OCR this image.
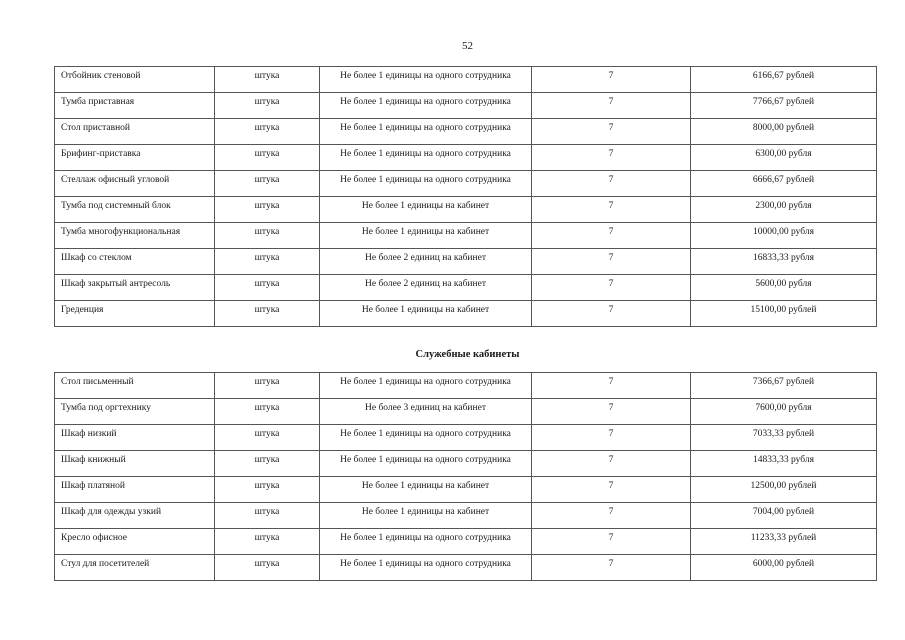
52
Отбойник стеновой	штука	Не более 1 единицы на одного сотрудника	7	6166,67 рублей
Тумба приставная	штука	Не более 1 единицы на одного сотрудника	7	7766,67 рублей
Стол приставной	штука	Не более 1 единицы на одного сотрудника	7	8000,00 рублей
Брифинг-приставка	штука	Не более 1 единицы на одного сотрудника	7	6300,00 рубля
Стеллаж офисный угловой	штука	Не более 1 единицы на одного сотрудника	7	6666,67 рублей
Тумба под системный блок	штука	Не более 1 единицы на кабинет	7	2300,00 рубля
Тумба многофункциональная	штука	Не более 1 единицы на кабинет	7	10000,00 рубля
Шкаф со стеклом	штука	Не более 2 единиц на кабинет	7	16833,33 рубля
Шкаф закрытый антресоль	штука	Не более 2 единиц на кабинет	7	5600,00 рубля
Греденция	штука	Не более 1 единицы на кабинет	7	15100,00 рублей
Служебные кабинеты
Стол письменный	штука	Не более 1 единицы на одного сотрудника	7	7366,67 рублей
Тумба под оргтехнику	штука	Не более 3 единиц на кабинет	7	7600,00 рубля
Шкаф низкий	штука	Не более 1 единицы на одного сотрудника	7	7033,33 рублей
Шкаф книжный	штука	Не более 1 единицы на одного сотрудника	7	14833,33 рубля
Шкаф платяной	штука	Не более 1 единицы на кабинет	7	12500,00 рублей
Шкаф для одежды узкий	штука	Не более 1 единицы на кабинет	7	7004,00 рублей
Кресло офисное	штука	Не более 1 единицы на одного сотрудника	7	11233,33 рублей
Стул для посетителей	штука	Не более 1 единицы на одного сотрудника	7	6000,00 рублей
